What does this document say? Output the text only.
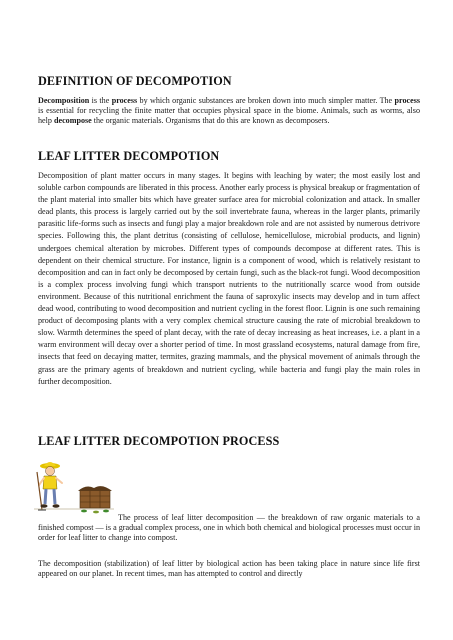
DEFINITION OF DECOMPOTION

Decomposition is the process by which organic substances are broken down into much simpler matter. The process is essential for recycling the finite matter that occupies physical space in the biome. Animals, such as worms, also help decompose the organic materials. Organisms that do this are known as decomposers.

LEAF LITTER DECOMPOTION

Decomposition of plant matter occurs in many stages. It begins with leaching by water; the most easily lost and soluble carbon compounds are liberated in this process. Another early process is physical breakup or fragmentation of the plant material into smaller bits which have greater surface area for microbial colonization and attack. In smaller dead plants, this process is largely carried out by the soil invertebrate fauna, whereas in the larger plants, primarily parasitic life-forms such as insects and fungi play a major breakdown role and are not assisted by numerous detrivore species. Following this, the plant detritus (consisting of cellulose, hemicellulose, microbial products, and lignin) undergoes chemical alteration by microbes. Different types of compounds decompose at different rates. This is dependent on their chemical structure. For instance, lignin is a component of wood, which is relatively resistant to decomposition and can in fact only be decomposed by certain fungi, such as the black-rot fungi. Wood decomposition is a complex process involving fungi which transport nutrients to the nutritionally scarce wood from outside environment. Because of this nutritional enrichment the fauna of saproxylic insects may develop and in turn affect dead wood, contributing to wood decomposition and nutrient cycling in the forest floor. Lignin is one such remaining product of decomposing plants with a very complex chemical structure causing the rate of microbial breakdown to slow. Warmth determines the speed of plant decay, with the rate of decay increasing as heat increases, i.e. a plant in a warm environment will decay over a shorter period of time. In most grassland ecosystems, natural damage from fire, insects that feed on decaying matter, termites, grazing mammals, and the physical movement of animals through the grass are the primary agents of breakdown and nutrient cycling, while bacteria and fungi play the main roles in further decomposition.

LEAF LITTER DECOMPOTION PROCESS

The process of leaf litter decomposition — the breakdown of raw organic materials to a finished compost — is a gradual complex process, one in which both chemical and biological processes must occur in order for leaf litter to change into compost.

The decomposition (stabilization) of leaf litter by biological action has been taking place in nature since life first appeared on our planet. In recent times, man has attempted to control and directly
